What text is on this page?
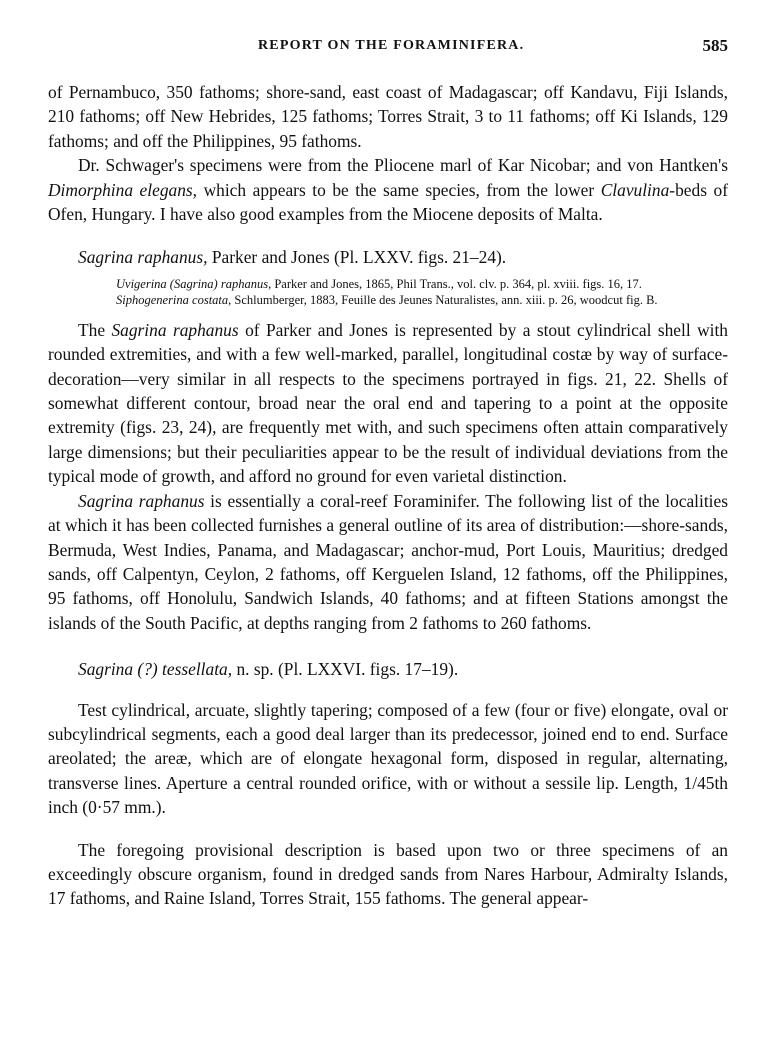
REPORT ON THE FORAMINIFERA.	585

of Pernambuco, 350 fathoms; shore-sand, east coast of Madagascar; off Kandavu, Fiji Islands, 210 fathoms; off New Hebrides, 125 fathoms; Torres Strait, 3 to 11 fathoms; off Ki Islands, 129 fathoms; and off the Philippines, 95 fathoms.

Dr. Schwager's specimens were from the Pliocene marl of Kar Nicobar; and von Hantken's Dimorphina elegans, which appears to be the same species, from the lower Clavulina-beds of Ofen, Hungary. I have also good examples from the Miocene deposits of Malta.

Sagrina raphanus, Parker and Jones (Pl. LXXV. figs. 21–24).

Uvigerina (Sagrina) raphanus, Parker and Jones, 1865, Phil Trans., vol. clv. p. 364, pl. xviii. figs. 16, 17.

Siphogenerina costata, Schlumberger, 1883, Feuille des Jeunes Naturalistes, ann. xiii. p. 26, woodcut fig. B.

The Sagrina raphanus of Parker and Jones is represented by a stout cylindrical shell with rounded extremities, and with a few well-marked, parallel, longitudinal costæ by way of surface-decoration—very similar in all respects to the specimens portrayed in figs. 21, 22. Shells of somewhat different contour, broad near the oral end and tapering to a point at the opposite extremity (figs. 23, 24), are frequently met with, and such specimens often attain comparatively large dimensions; but their peculiarities appear to be the result of individual deviations from the typical mode of growth, and afford no ground for even varietal distinction.

Sagrina raphanus is essentially a coral-reef Foraminifer. The following list of the localities at which it has been collected furnishes a general outline of its area of distribution:—shore-sands, Bermuda, West Indies, Panama, and Madagascar; anchor-mud, Port Louis, Mauritius; dredged sands, off Calpentyn, Ceylon, 2 fathoms, off Kerguelen Island, 12 fathoms, off the Philippines, 95 fathoms, off Honolulu, Sandwich Islands, 40 fathoms; and at fifteen Stations amongst the islands of the South Pacific, at depths ranging from 2 fathoms to 260 fathoms.

Sagrina (?) tessellata, n. sp. (Pl. LXXVI. figs. 17–19).

Test cylindrical, arcuate, slightly tapering; composed of a few (four or five) elongate, oval or subcylindrical segments, each a good deal larger than its predecessor, joined end to end. Surface areolated; the areæ, which are of elongate hexagonal form, disposed in regular, alternating, transverse lines. Aperture a central rounded orifice, with or without a sessile lip. Length, 1/45th inch (0·57 mm.).

The foregoing provisional description is based upon two or three specimens of an exceedingly obscure organism, found in dredged sands from Nares Harbour, Admiralty Islands, 17 fathoms, and Raine Island, Torres Strait, 155 fathoms. The general appear-
